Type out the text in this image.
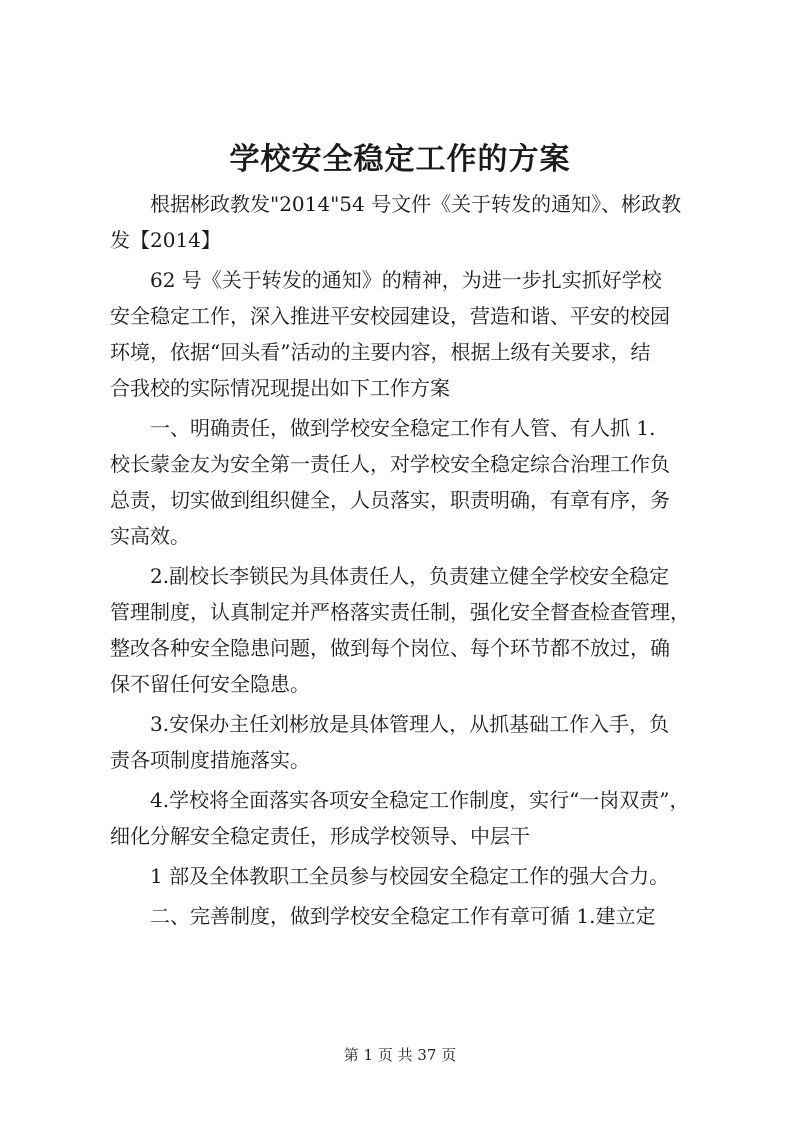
学校安全稳定工作的方案
根据彬政教发"2014"54 号文件《关于转发的通知》、彬政教
发【2014】
62 号《关于转发的通知》的精神，为进一步扎实抓好学校
安全稳定工作，深入推进平安校园建设，营造和谐、平安的校园
环境，依据“回头看”活动的主要内容，根据上级有关要求，结
合我校的实际情况现提出如下工作方案
一、明确责任，做到学校安全稳定工作有人管、有人抓 1.
校长蒙金友为安全第一责任人，对学校安全稳定综合治理工作负
总责，切实做到组织健全，人员落实，职责明确，有章有序，务
实高效。
2.副校长李锁民为具体责任人，负责建立健全学校安全稳定
管理制度，认真制定并严格落实责任制，强化安全督查检查管理，
整改各种安全隐患问题，做到每个岗位、每个环节都不放过，确
保不留任何安全隐患。
3.安保办主任刘彬放是具体管理人，从抓基础工作入手，负
责各项制度措施落实。
4.学校将全面落实各项安全稳定工作制度，实行“一岗双责”，
细化分解安全稳定责任，形成学校领导、中层干
1 部及全体教职工全员参与校园安全稳定工作的强大合力。
二、完善制度，做到学校安全稳定工作有章可循 1.建立定
第 1 页 共 37 页
